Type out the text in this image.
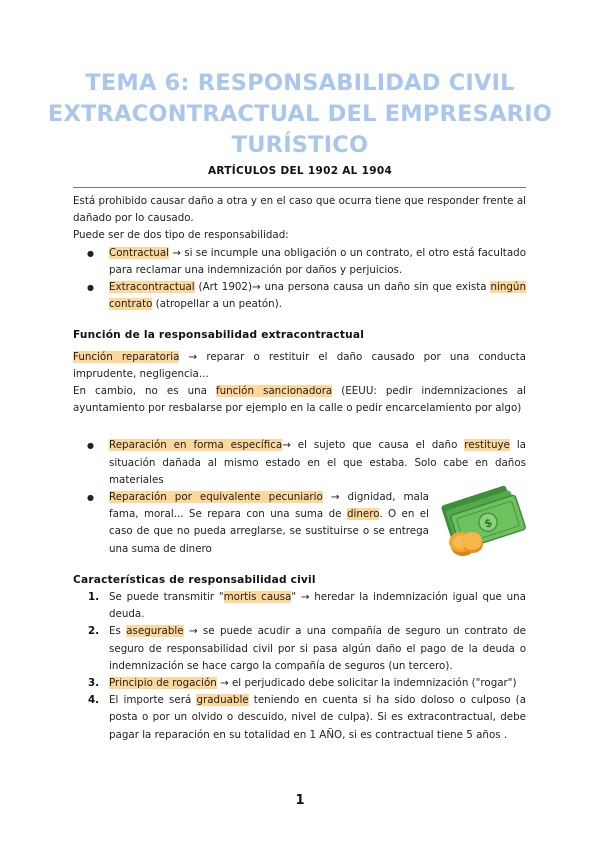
TEMA 6: RESPONSABILIDAD CIVIL EXTRACONTRACTUAL DEL EMPRESARIO TURÍSTICO
ARTÍCULOS DEL 1902 AL 1904

Está prohibido causar daño a otra y en el caso que ocurra tiene que responder frente al dañado por lo causado.

Puede ser de dos tipo de responsabilidad:

● Contractual → si se incumple una obligación o un contrato, el otro está facultado para reclamar una indemnización por daños y perjuicios.
● Extracontractual (Art 1902)→ una persona causa un daño sin que exista ningún contrato (atropellar a un peatón).

Función de la responsabilidad extracontractual

Función reparatoria → reparar o restituir el daño causado por una conducta imprudente, negligencia...

En cambio, no es una función sancionadora (EEUU: pedir indemnizaciones al ayuntamiento por resbalarse por ejemplo en la calle o pedir encarcelamiento por algo)

● Reparación en forma específica→ el sujeto que causa el daño restituye la situación dañada al mismo estado en el que estaba. Solo cabe en daños materiales
● Reparación por equivalente pecuniario → dignidad, mala fama, moral... Se repara con una suma de dinero. O en el caso de que no pueda arreglarse, se sustituirse o se entrega una suma de dinero

Características de responsabilidad civil

1. Se puede transmitir "mortis causa" → heredar la indemnización igual que una deuda.
2. Es asegurable → se puede acudir a una compañía de seguro un contrato de seguro de responsabilidad civil por si pasa algún daño el pago de la deuda o indemnización se hace cargo la compañía de seguros (un tercero).
3. Principio de rogación → el perjudicado debe solicitar la indemnización ("rogar")
4. El importe será graduable teniendo en cuenta si ha sido doloso o culposo (a posta o por un olvido o descuido, nivel de culpa). Si es extracontractual, debe pagar la reparación en su totalidad en 1 AÑO, si es contractual tiene 5 años .
$
1
